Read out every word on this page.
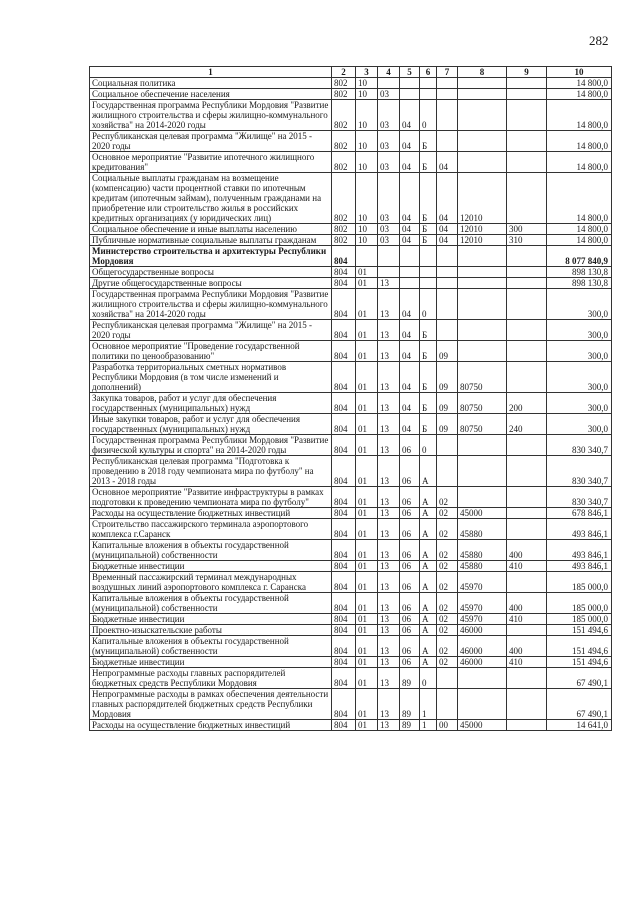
282
1	2	3	4	5	6	7	8	9	10
Социальная политика	802	10							14 800,0
Социальное обеспечение населения	802	10	03						14 800,0
Государственная программа Республики Мордовия "Развитие жилищного строительства и сферы жилищно-коммунального хозяйства" на 2014-2020 годы	802	10	03	04	0				14 800,0
Республиканская целевая программа "Жилище" на 2015 - 2020 годы	802	10	03	04	Б				14 800,0
Основное мероприятие "Развитие ипотечного жилищного кредитования"	802	10	03	04	Б	04			14 800,0
Социальные выплаты гражданам на возмещение (компенсацию) части процентной ставки по ипотечным кредитам (ипотечным займам), полученным гражданами на приобретение или строительство жилья в российских кредитных организациях (у юридических лиц)	802	10	03	04	Б	04	12010		14 800,0
Социальное обеспечение и иные выплаты населению	802	10	03	04	Б	04	12010	300	14 800,0
Публичные нормативные социальные выплаты гражданам	802	10	03	04	Б	04	12010	310	14 800,0
Министерство строительства и архитектуры Республики Мордовия	804								8 077 840,9
Общегосударственные вопросы	804	01							898 130,8
Другие общегосударственные вопросы	804	01	13						898 130,8
Государственная программа Республики Мордовия "Развитие жилищного строительства и сферы жилищно-коммунального хозяйства" на 2014-2020 годы	804	01	13	04	0				300,0
Республиканская целевая программа "Жилище" на 2015 - 2020 годы	804	01	13	04	Б				300,0
Основное мероприятие "Проведение государственной политики по ценообразованию"	804	01	13	04	Б	09			300,0
Разработка территориальных сметных нормативов Республики Мордовия (в том числе изменений и дополнений)	804	01	13	04	Б	09	80750		300,0
Закупка товаров, работ и услуг для обеспечения государственных (муниципальных) нужд	804	01	13	04	Б	09	80750	200	300,0
Иные закупки товаров, работ и услуг для обеспечения государственных (муниципальных) нужд	804	01	13	04	Б	09	80750	240	300,0
Государственная программа Республики Мордовия "Развитие физической культуры и спорта" на 2014-2020 годы	804	01	13	06	0				830 340,7
Республиканская целевая программа "Подготовка к проведению в 2018 году чемпионата мира по футболу" на 2013 - 2018 годы	804	01	13	06	А				830 340,7
Основное мероприятие "Развитие инфраструктуры в рамках подготовки к проведению чемпионата мира по футболу"	804	01	13	06	А	02			830 340,7
Расходы на осуществление бюджетных инвестиций	804	01	13	06	А	02	45000		678 846,1
Строительство пассажирского терминала аэропортового комплекса г.Саранск	804	01	13	06	А	02	45880		493 846,1
Капитальные вложения в объекты государственной (муниципальной) собственности	804	01	13	06	А	02	45880	400	493 846,1
Бюджетные инвестиции	804	01	13	06	А	02	45880	410	493 846,1
Временный пассажирский терминал международных воздушных линий аэропортового комплекса г. Саранска	804	01	13	06	А	02	45970		185 000,0
Капитальные вложения в объекты государственной (муниципальной) собственности	804	01	13	06	А	02	45970	400	185 000,0
Бюджетные инвестиции	804	01	13	06	А	02	45970	410	185 000,0
Проектно-изыскательские работы	804	01	13	06	А	02	46000		151 494,6
Капитальные вложения в объекты государственной (муниципальной) собственности	804	01	13	06	А	02	46000	400	151 494,6
Бюджетные инвестиции	804	01	13	06	А	02	46000	410	151 494,6
Непрограммные расходы главных распорядителей бюджетных средств Республики Мордовия	804	01	13	89	0				67 490,1
Непрограммные расходы в рамках обеспечения деятельности главных распорядителей бюджетных средств Республики Мордовия	804	01	13	89	1				67 490,1
Расходы на осуществление бюджетных инвестиций	804	01	13	89	1	00	45000		14 641,0
